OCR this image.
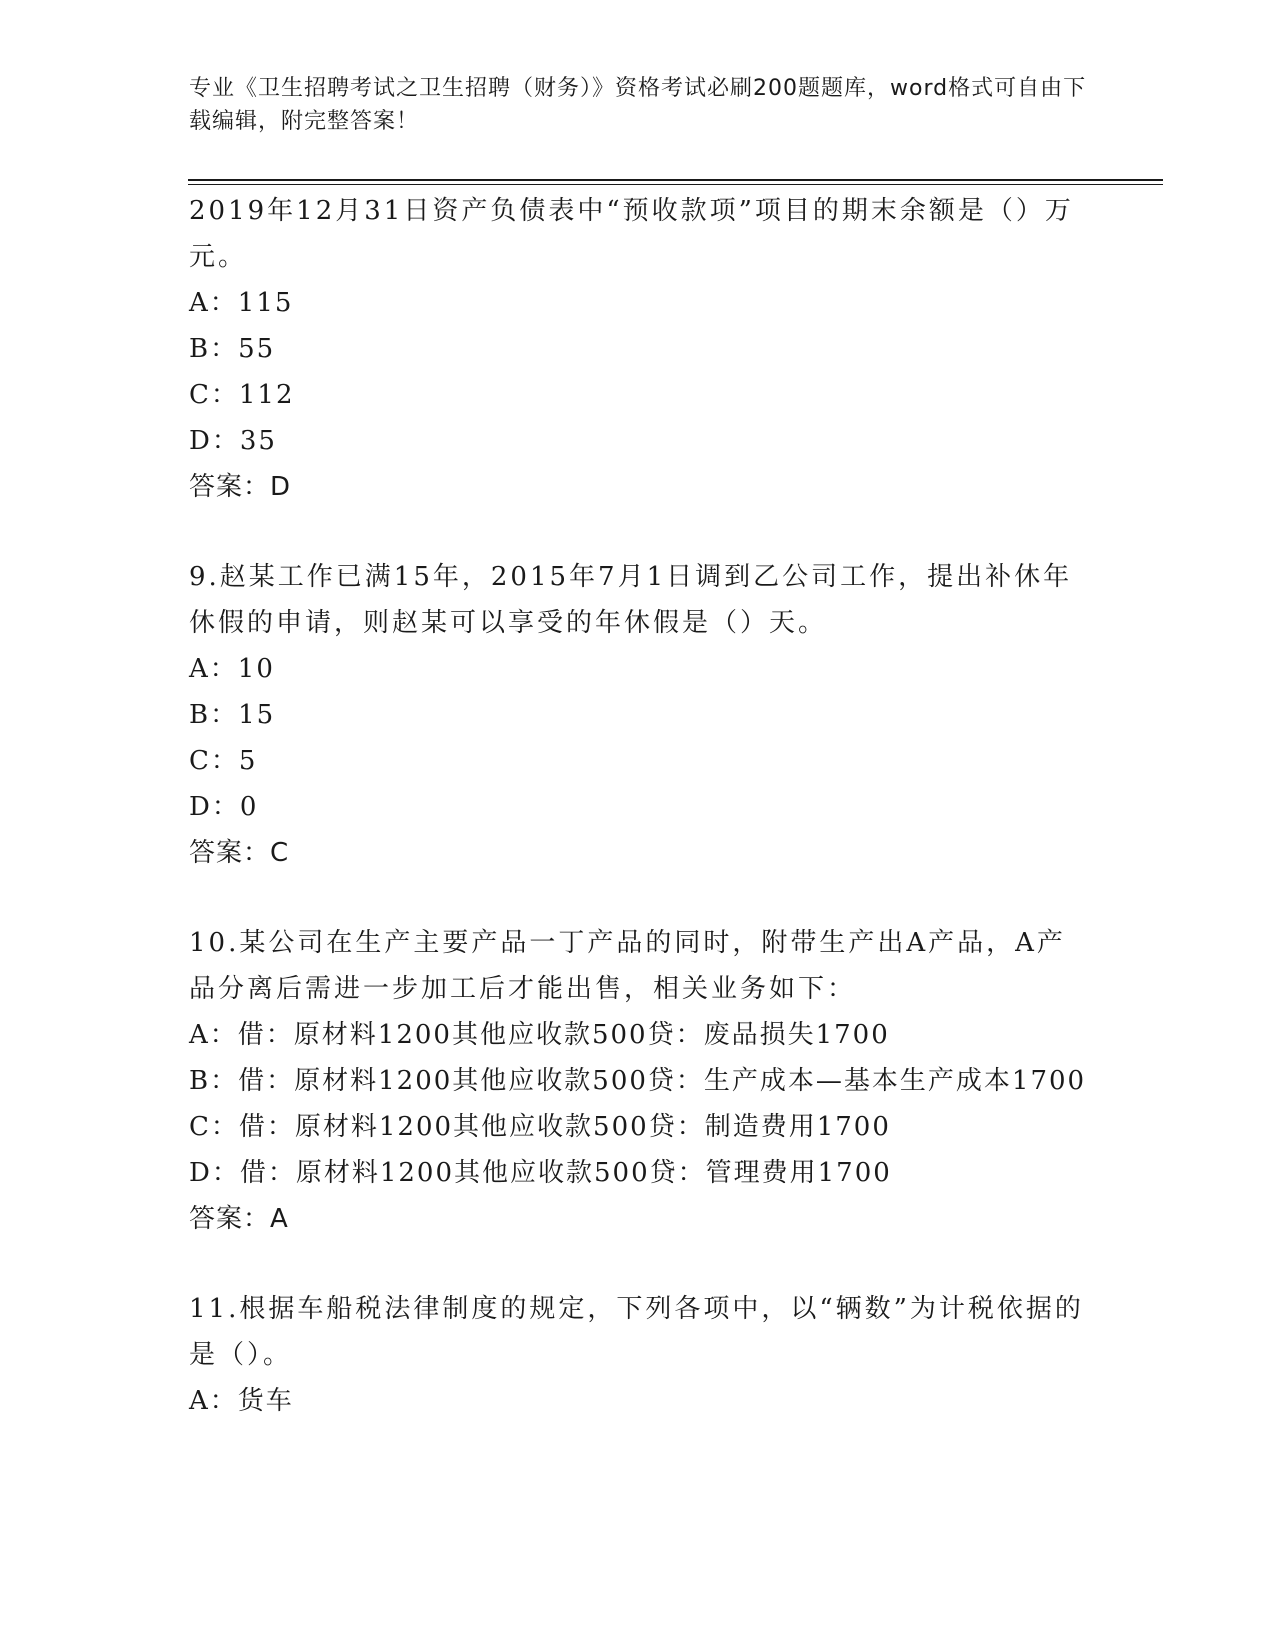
专业《卫生招聘考试之卫生招聘（财务）》资格考试必刷200题题库，word格式可自由下载编辑，附完整答案！

2019年12月31日资产负债表中“预收款项”项目的期末余额是（）万元。

A：115

B：55

C：112

D：35

答案：D

9.赵某工作已满15年，2015年7月1日调到乙公司工作，提出补休年休假的申请，则赵某可以享受的年休假是（）天。

A：10

B：15

C：5

D：0

答案：C

10.某公司在生产主要产品一丁产品的同时，附带生产出A产品，A产品分离后需进一步加工后才能出售，相关业务如下：

A：借：原材料1200其他应收款500贷：废品损失1700

B：借：原材料1200其他应收款500贷：生产成本—基本生产成本1700

C：借：原材料1200其他应收款500贷：制造费用1700

D：借：原材料1200其他应收款500贷：管理费用1700

答案：A

11.根据车船税法律制度的规定，下列各项中，以“辆数”为计税依据的是（）。

A：货车
